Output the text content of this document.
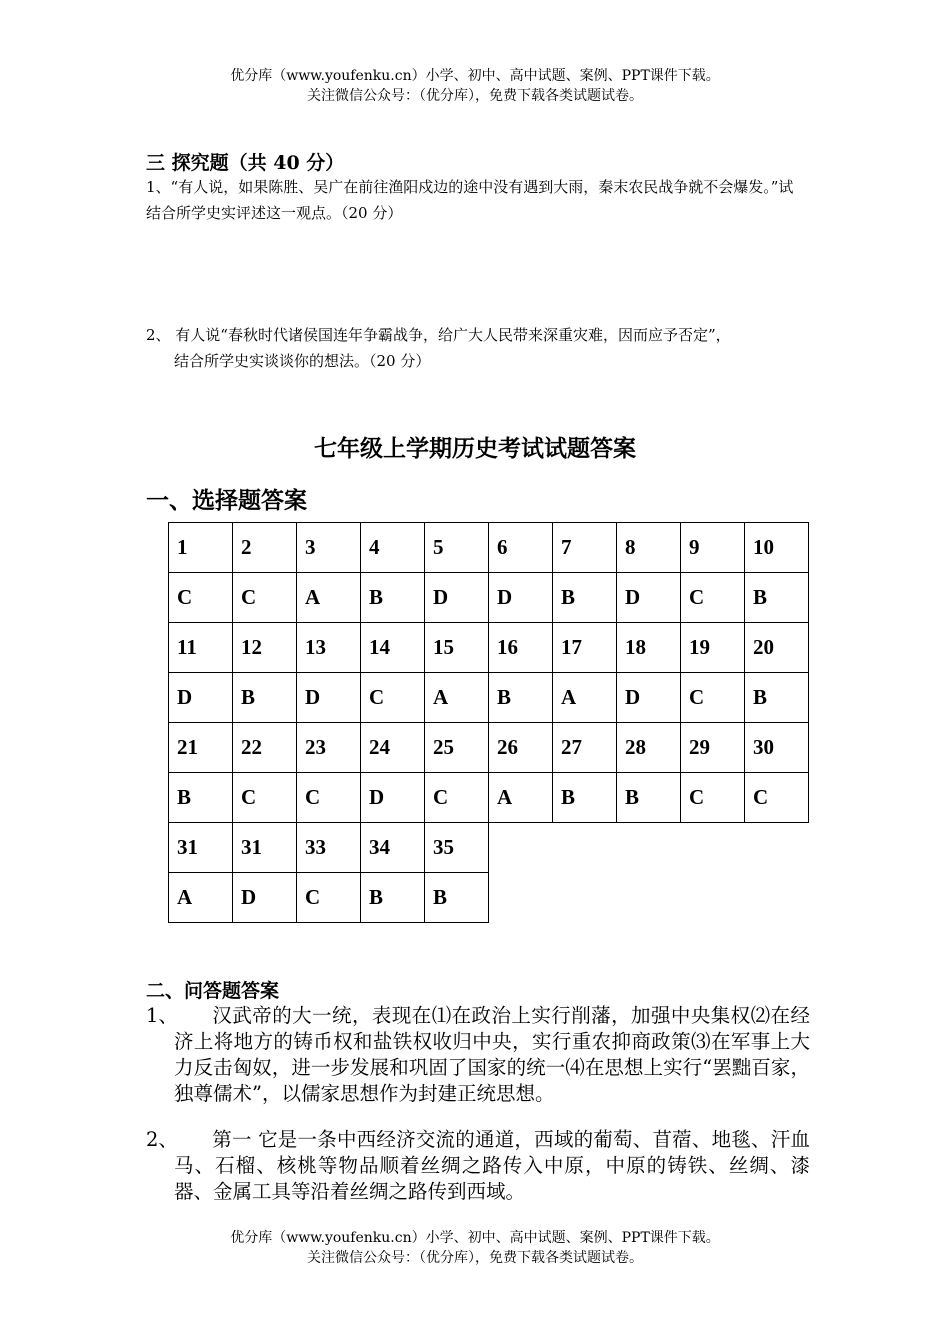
优分库（www.youfenku.cn）小学、初中、高中试题、案例、PPT课件下载。
关注微信公众号：（优分库），免费下载各类试题试卷。
三 探究题（共 40 分）
1、“有人说，如果陈胜、吴广在前往渔阳戍边的途中没有遇到大雨，秦末农民战争就不会爆发。”试结合所学史实评述这一观点。（20 分）
2、 有人说“春秋时代诸侯国连年争霸战争，给广大人民带来深重灾难，因而应予否定”，
结合所学史实谈谈你的想法。（20 分）
七年级上学期历史考试试题答案
一、选择题答案
1	2	3	4	5	6	7	8	9	10
C	C	A	B	D	D	B	D	C	B
11	12	13	14	15	16	17	18	19	20
D	B	D	C	A	B	A	D	C	B
21	22	23	24	25	26	27	28	29	30
B	C	C	D	C	A	B	B	C	C
31	31	33	34	35					
A	D	C	B	B					
二、问答题答案
1、	汉武帝的大一统，表现在⑴在政治上实行削藩，加强中央集权⑵在经济上将地方的铸币权和盐铁权收归中央，实行重农抑商政策⑶在军事上大力反击匈奴，进一步发展和巩固了国家的统一⑷在思想上实行“罢黜百家，独尊儒术”，以儒家思想作为封建正统思想。
2、	第一 它是一条中西经济交流的通道，西域的葡萄、苜蓿、地毯、汗血马、石榴、核桃等物品顺着丝绸之路传入中原，中原的铸铁、丝绸、漆器、金属工具等沿着丝绸之路传到西域。
优分库（www.youfenku.cn）小学、初中、高中试题、案例、PPT课件下载。
关注微信公众号：（优分库），免费下载各类试题试卷。
